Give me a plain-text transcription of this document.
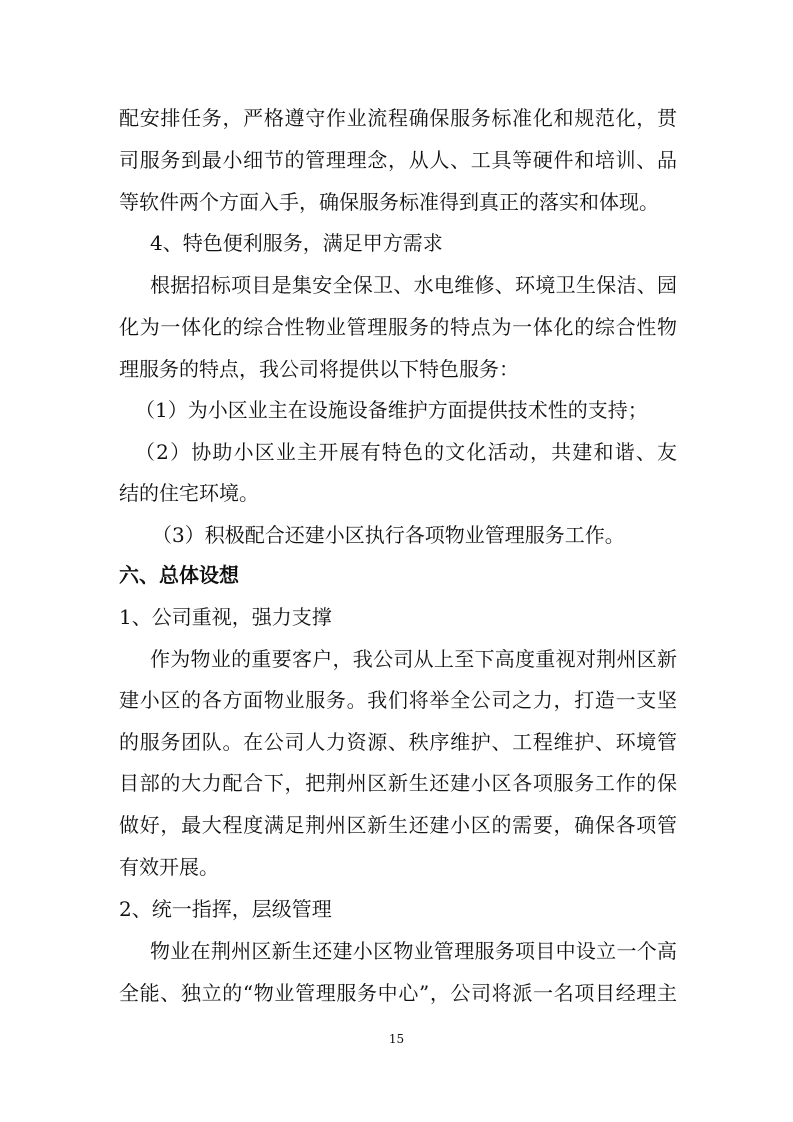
配安排任务，严格遵守作业流程确保服务标准化和规范化，贯
司服务到最小细节的管理理念，从人、工具等硬件和培训、品
等软件两个方面入手，确保服务标准得到真正的落实和体现。
4、特色便利服务，满足甲方需求
根据招标项目是集安全保卫、水电维修、环境卫生保洁、园
化为一体化的综合性物业管理服务的特点为一体化的综合性物
理服务的特点，我公司将提供以下特色服务：
（1）为小区业主在设施设备维护方面提供技术性的支持；
（2）协助小区业主开展有特色的文化活动，共建和谐、友
结的住宅环境。
（3）积极配合还建小区执行各项物业管理服务工作。
六、总体设想
1、公司重视，强力支撑
作为物业的重要客户，我公司从上至下高度重视对荆州区新
建小区的各方面物业服务。我们将举全公司之力，打造一支坚
的服务团队。在公司人力资源、秩序维护、工程维护、环境管
目部的大力配合下，把荆州区新生还建小区各项服务工作的保
做好，最大程度满足荆州区新生还建小区的需要，确保各项管
有效开展。
2、统一指挥，层级管理
物业在荆州区新生还建小区物业管理服务项目中设立一个高
全能、独立的“物业管理服务中心”，公司将派一名项目经理主
15
